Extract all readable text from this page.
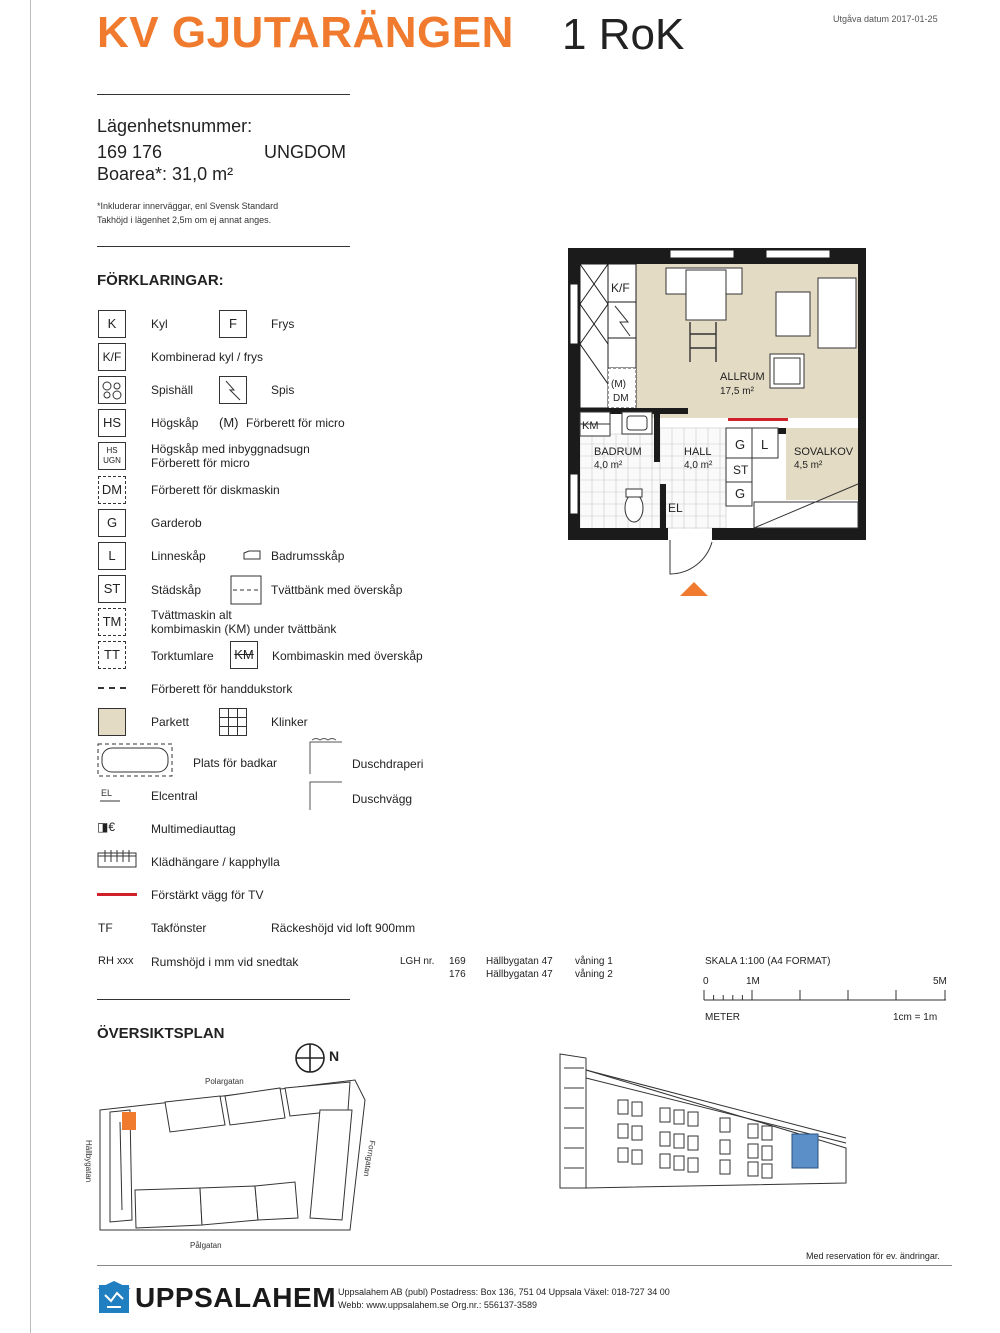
KV GJUTARÄNGEN 1 RoK	Utgåva datum 2017-01-25
Lägenhetsnummer:
169 176	UNGDOM
Boarea*: 31,0 m²
*Inkluderar innerväggar, enl Svensk Standard
Takhöjd i lägenhet 2,5m om ej annat anges.
FÖRKLARINGAR:
K	Kyl	F	Frys
K/F	Kombinerad kyl / frys
Spishäll	Spis
HS	Högskåp (M) Förberett för micro
HS
UGN
Högskåp med inbyggnadsugn
Förberett för micro
DM	Förberett för diskmaskin
G	Garderob
L	Linneskåp	Badrumsskåp
ST	Städskåp	Tvättbänk med överskåp
TM	Tvättmaskin alt
kombimaskin (KM) under tvättbänk
TT	Torktumlare	KM	Kombimaskin med överskåp
Förberett för handdukstork
Parkett	Klinker
Plats för badkar	Duschdraperi
EL	Elcentral	Duschvägg
◨€	Multimediauttag
Klädhängare / kapphylla
Förstärkt vägg för TV
TF	Takfönster	Räckeshöjd vid loft 900mm
RH xxx Rumshöjd i mm vid snedtak	LGH nr. 169 Hällbygatan 47 våning 1
176 Hällbygatan 47 våning 2
SKALA 1:100 (A4 FORMAT)
0	1M	5M
METER	1cm = 1m
K/F
(M)
DM
KM
EL
G
ST
G
L
ALLRUM
17,5 m²
BADRUM
4,0 m²
HALL
4,0 m²
SOVALKOV
4,5 m²
ÖVERSIKTSPLAN
N
Polargatan
Pålgatan
Hällbygatan	Forngatan
Med reservation för ev. ändringar.
UPPSALAHEM Uppsalahem AB (publ) Postadress: Box 136, 751 04 Uppsala Växel: 018-727 34 00
Webb: www.uppsalahem.se Org.nr.: 556137-3589
